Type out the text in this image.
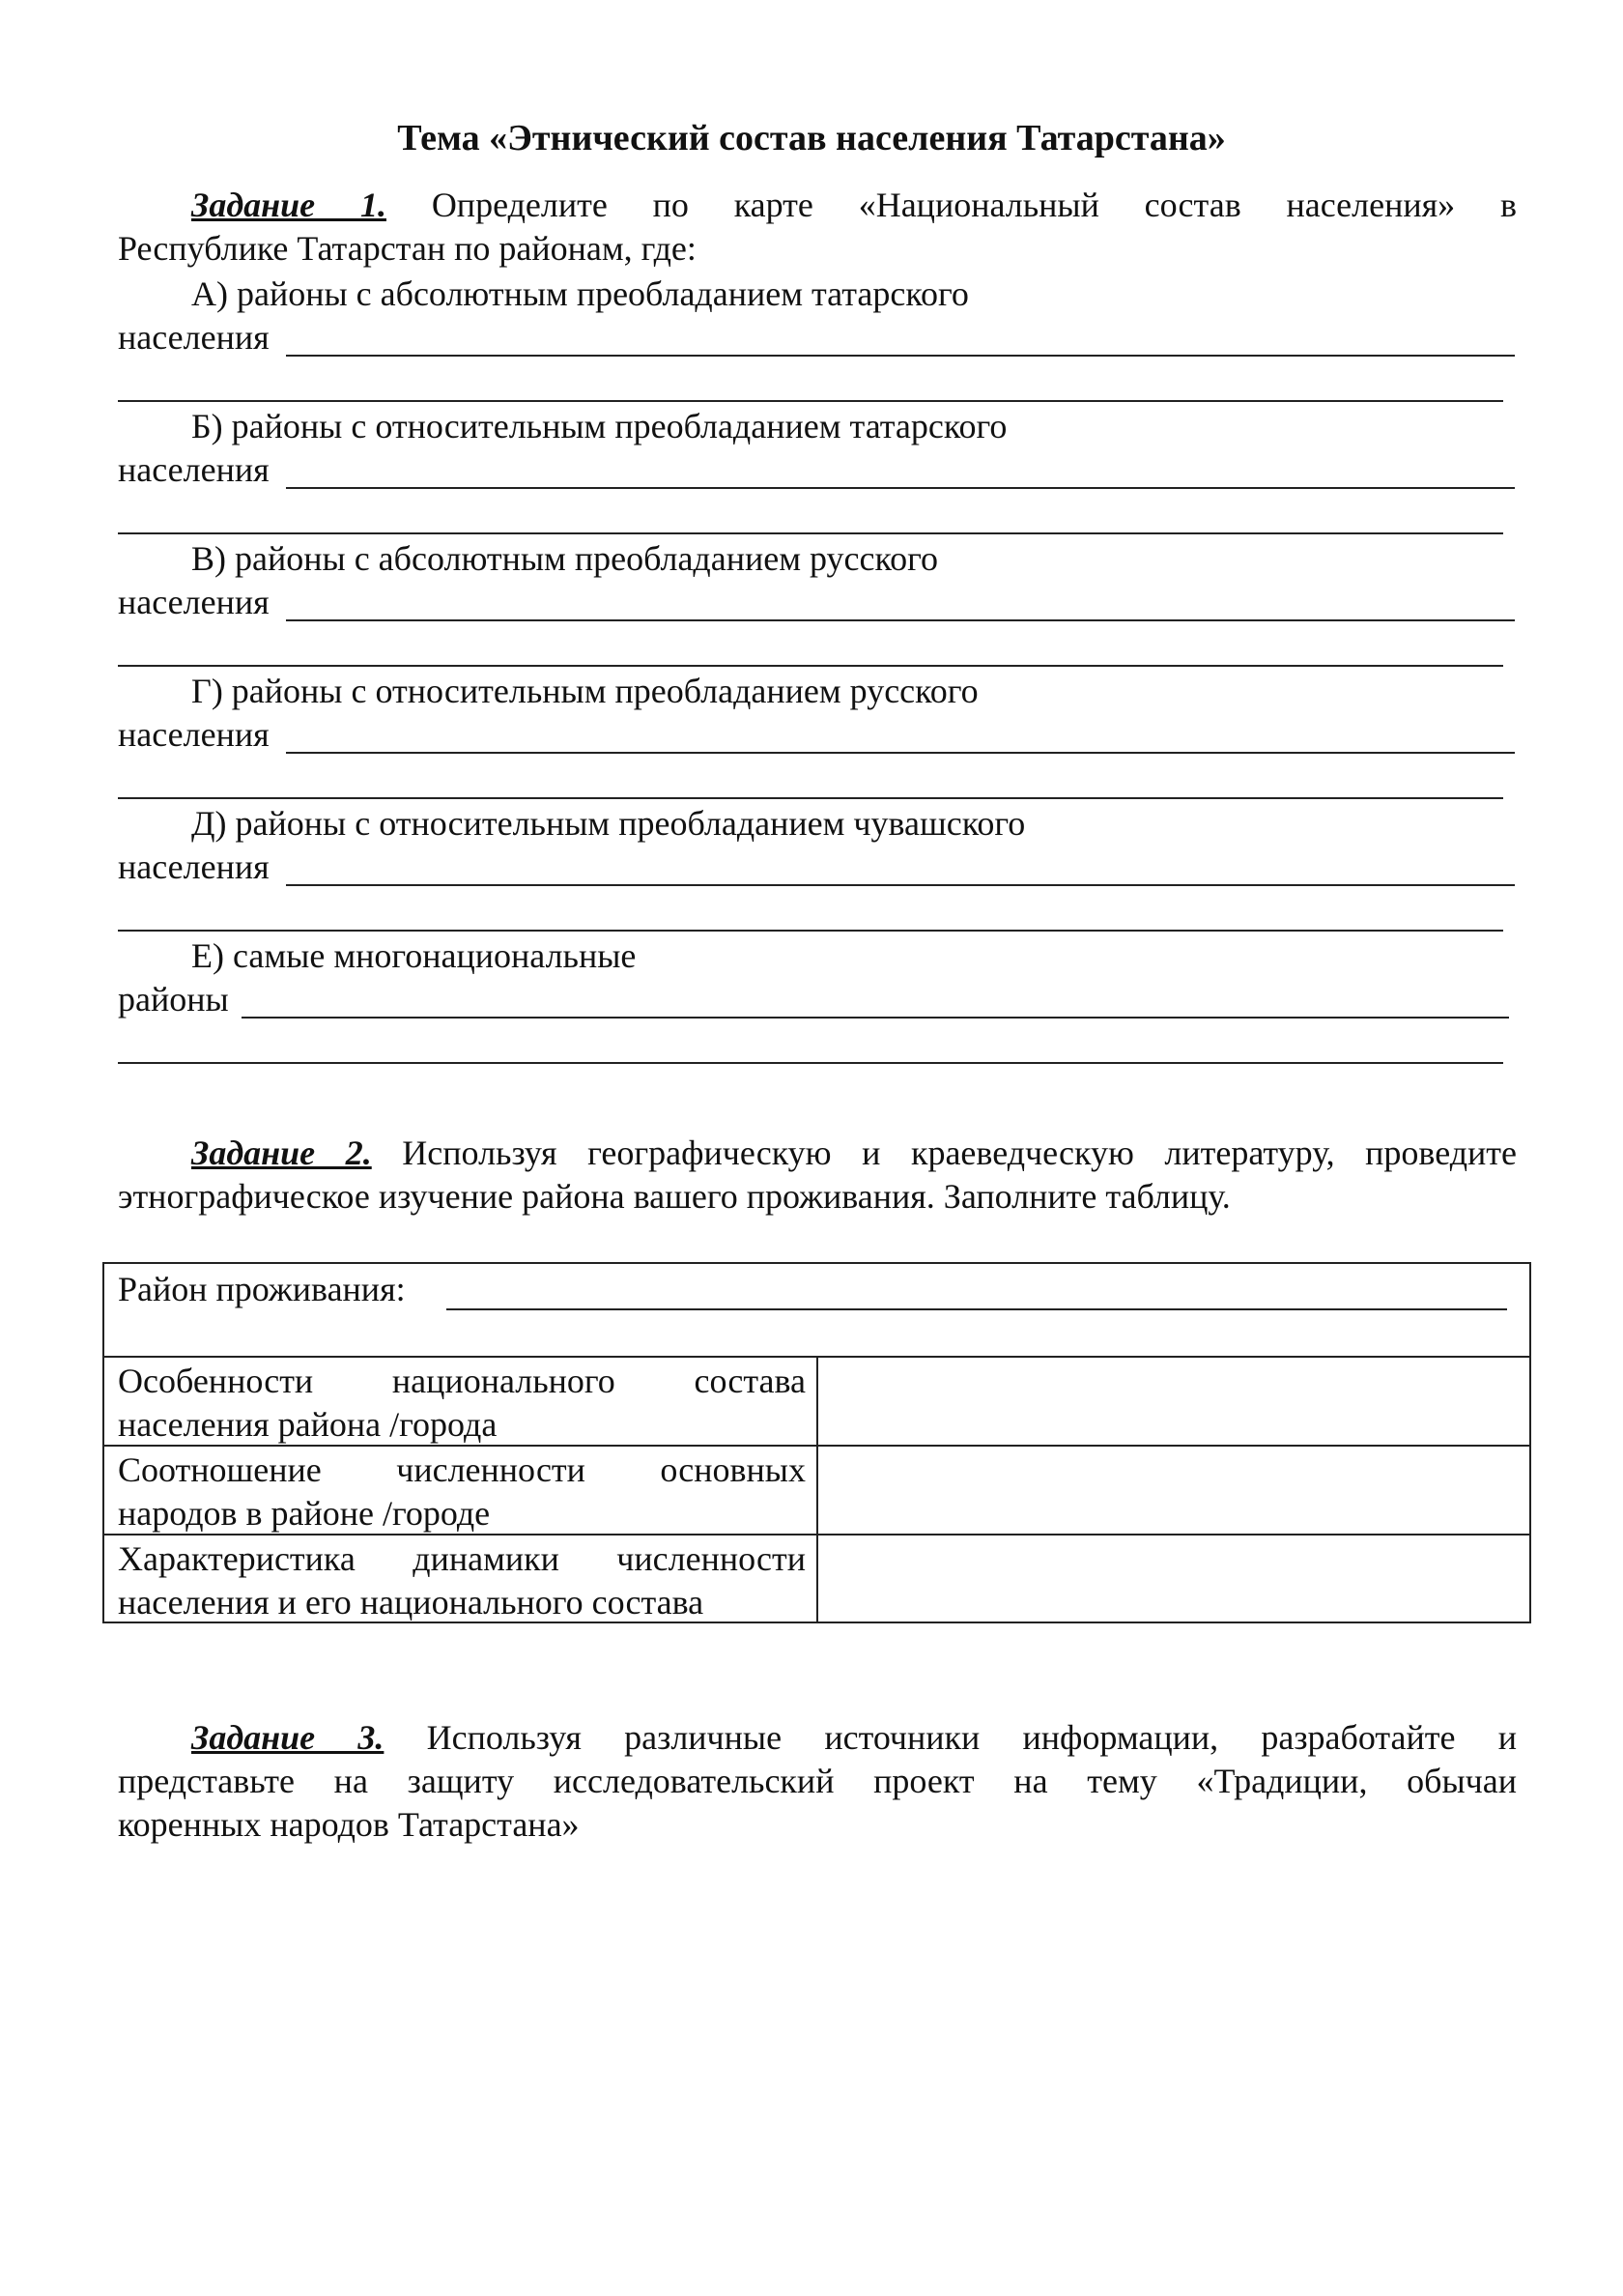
Тема «Этнический состав населения Татарстана»
Задание 1. Определите по карте «Национальный состав населения» в
Республике Татарстан по районам, где:
А) районы с абсолютным преобладанием татарского
населения
Б) районы с относительным преобладанием татарского
населения
В) районы с абсолютным преобладанием русского
населения
Г) районы с относительным преобладанием русского
населения
Д) районы с относительным преобладанием чувашского
населения
Е) самые многонациональные
районы
Задание 2. Используя географическую и краеведческую литературу, проведите
этнографическое изучение района вашего проживания. Заполните таблицу.
Район проживания:
Особенности национального состава
населения района /города
Соотношение численности основных
народов в районе /городе
Характеристика динамики численности
населения и его национального состава
Задание 3. Используя различные источники информации, разработайте и
представьте на защиту исследовательский проект на тему «Традиции, обычаи
коренных народов Татарстана»
